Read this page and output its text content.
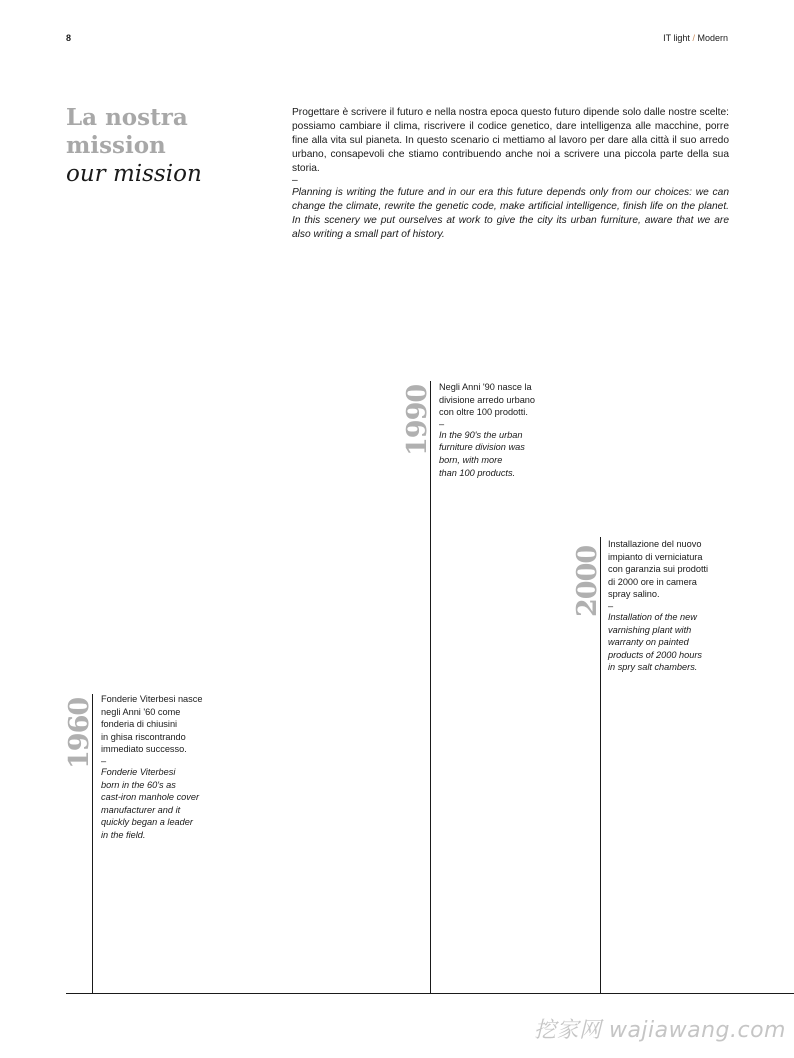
8	IT light / Modern
La nostra
mission
our mission

Progettare è scrivere il futuro e nella nostra epoca questo futuro dipende solo dalle nostre scelte: possiamo cambiare il clima, riscrivere il codice genetico, dare intelligenza alle macchine, porre fine alla vita sul pianeta. In questo scenario ci mettiamo al lavoro per dare alla città il suo arredo urbano, consapevoli che stiamo contribuendo anche noi a scrivere una piccola parte della sua storia.

–

Planning is writing the future and in our era this future depends only from our choices: we can change the climate, rewrite the genetic code, make artificial intelligence, finish life on the planet. In this scenery we put ourselves at work to give the city its urban furniture, aware that we are also writing a small part of history.

1960 Fonderie Viterbesi nasce

negli Anni '60 come

fonderia di chiusini

in ghisa riscontrando

immediato successo.

–

Fonderie Viterbesi

born in the 60's as

cast-iron manhole cover

manufacturer and it

quickly began a leader

in the field.

1990 Negli Anni '90 nasce la

divisione arredo urbano

con oltre 100 prodotti.

–

In the 90's the urban

furniture division was

born, with more

than 100 products.

2000

Installazione del nuovo

impianto di verniciatura

con garanzia sui prodotti

di 2000 ore in camera

spray salino.

–

Installation of the new

varnishing plant with

warranty on painted

products of 2000 hours

in spry salt chambers.

挖家网 wajiawang.com
